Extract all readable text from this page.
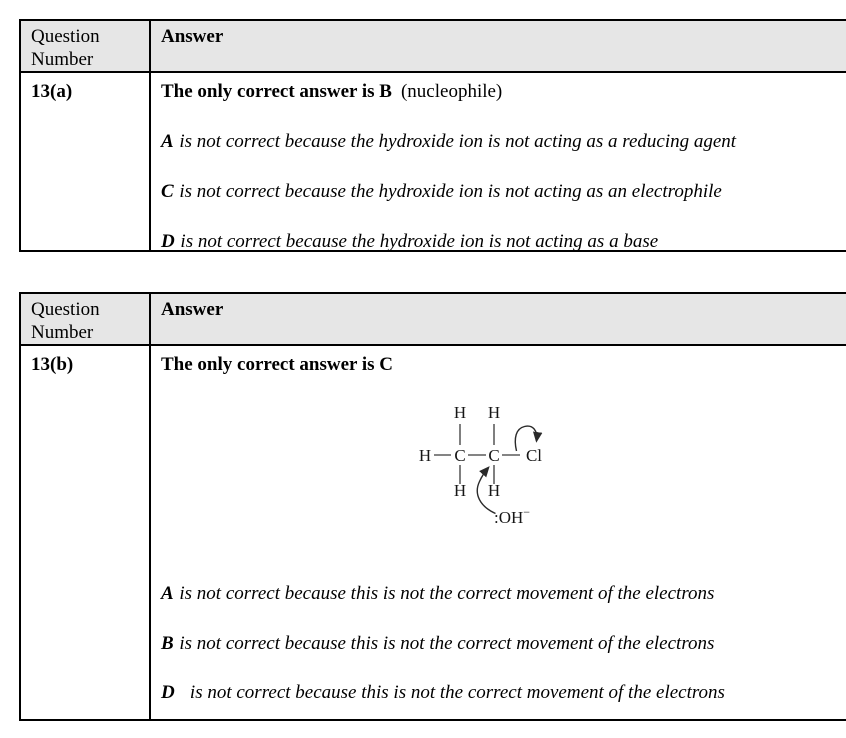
Question Number
Answer
13(a)	The only correct answer is B (nucleophile)

A is not correct because the hydroxide ion is not acting as a reducing agent

C is not correct because the hydroxide ion is not acting as an electrophile

D is not correct because the hydroxide ion is not acting as a base

Question Number
Answer
13(b)	The only correct answer is C

H H
H C C Cl
H H
:OH−

A is not correct because this is not the correct movement of the electrons

B is not correct because this is not the correct movement of the electrons

D is not correct because this is not the correct movement of the electrons
